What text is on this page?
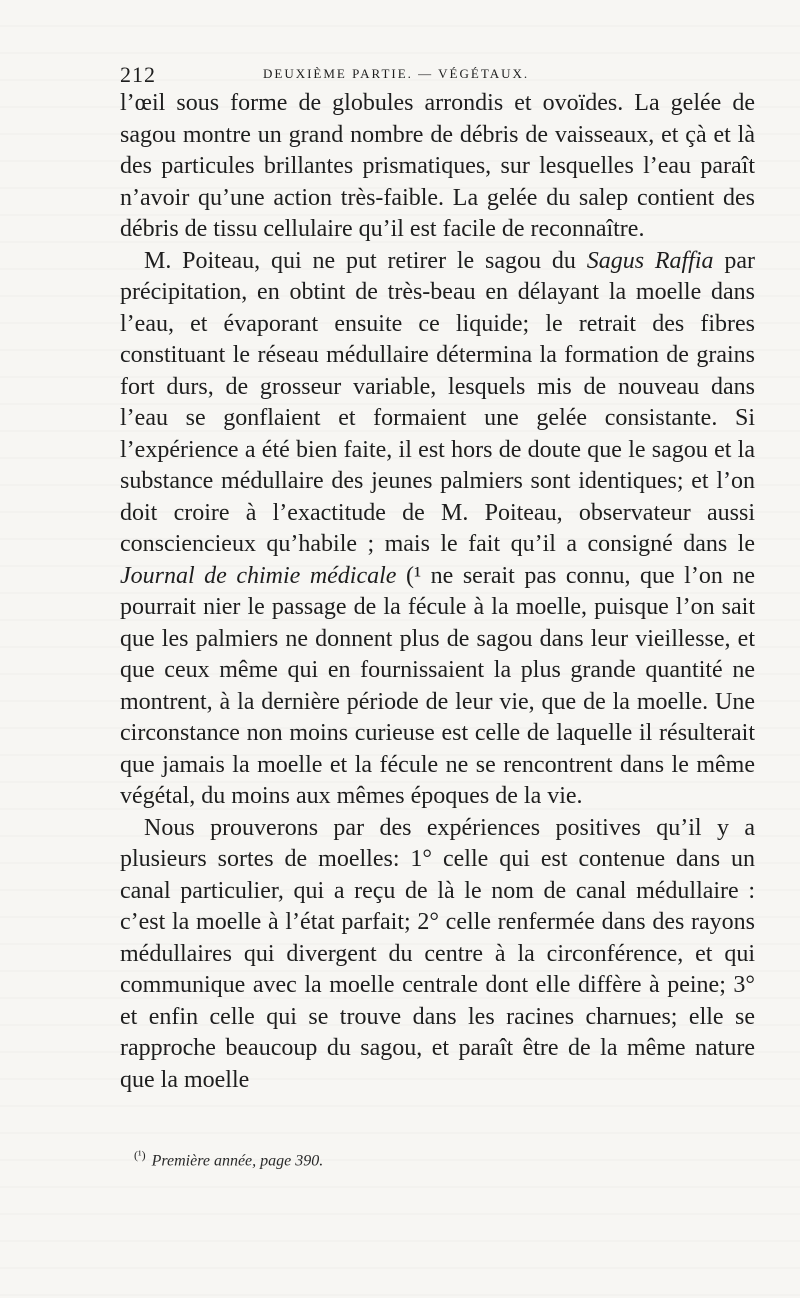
212	DEUXIÈME PARTIE. — VÉGÉTAUX.

l’œil sous forme de globules arrondis et ovoïdes. La gelée de sagou montre un grand nombre de débris de vaisseaux, et çà et là des particules brillantes prismatiques, sur lesquelles l’eau paraît n’avoir qu’une action très-faible. La gelée du salep contient des débris de tissu cellulaire qu’il est facile de reconnaître.

M. Poiteau, qui ne put retirer le sagou du Sagus Raffia par précipitation, en obtint de très-beau en délayant la moelle dans l’eau, et évaporant ensuite ce liquide; le retrait des fibres constituant le réseau médullaire détermina la formation de grains fort durs, de grosseur variable, lesquels mis de nouveau dans l’eau se gonflaient et formaient une gelée consistante. Si l’expérience a été bien faite, il est hors de doute que le sagou et la substance médullaire des jeunes palmiers sont identiques; et l’on doit croire à l’exactitude de M. Poiteau, observateur aussi consciencieux qu’habile ; mais le fait qu’il a consigné dans le Journal de chimie médicale (¹ ne serait pas connu, que l’on ne pourrait nier le passage de la fécule à la moelle, puisque l’on sait que les palmiers ne donnent plus de sagou dans leur vieillesse, et que ceux même qui en fournissaient la plus grande quantité ne montrent, à la dernière période de leur vie, que de la moelle. Une circonstance non moins curieuse est celle de laquelle il résulterait que jamais la moelle et la fécule ne se rencontrent dans le même végétal, du moins aux mêmes époques de la vie.

Nous prouverons par des expériences positives qu’il y a plusieurs sortes de moelles: 1° celle qui est contenue dans un canal particulier, qui a reçu de là le nom de canal médullaire : c’est la moelle à l’état parfait; 2° celle renfermée dans des rayons médullaires qui divergent du centre à la circonférence, et qui communique avec la moelle centrale dont elle diffère à peine; 3° et enfin celle qui se trouve dans les racines charnues; elle se rapproche beaucoup du sagou, et paraît être de la même nature que la moelle

$^{(^1)}$ Première année, page 390.
